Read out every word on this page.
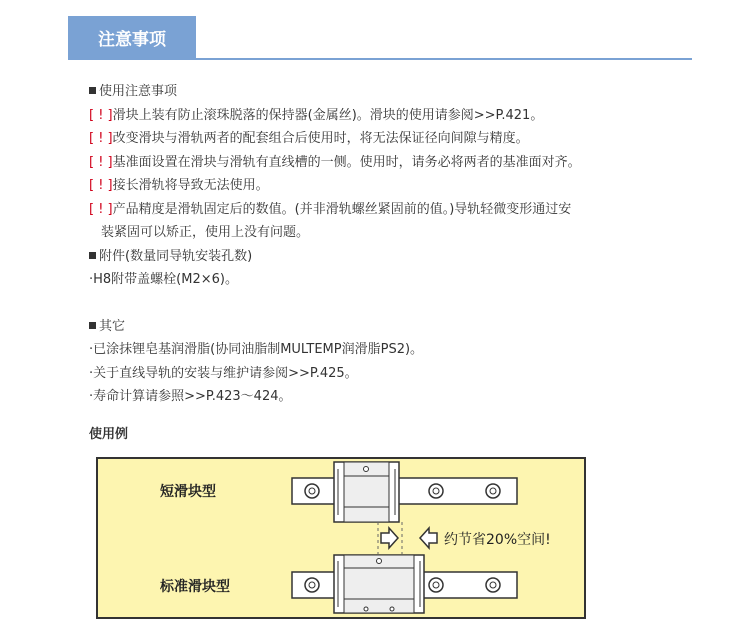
注意事项
使用注意事项
[ ! ]滑块上装有防止滚珠脱落的保持器(金属丝)。滑块的使用请参阅>>P.421。
[ ! ]改变滑块与滑轨两者的配套组合后使用时，将无法保证径向间隙与精度。
[ ! ]基准面设置在滑块与滑轨有直线槽的一侧。使用时，请务必将两者的基准面对齐。
[ ! ]接长滑轨将导致无法使用。
[ ! ]产品精度是滑轨固定后的数值。(并非滑轨螺丝紧固前的值。)导轨轻微变形通过安
装紧固可以矫正，使用上没有问题。
附件(数量同导轨安装孔数)
·H8附带盖螺栓(M2×6)。
其它
·已涂抹锂皂基润滑脂(协同油脂制MULTEMP润滑脂PS2)。
·关于直线导轨的安装与维护请参阅>>P.425。
·寿命计算请参照>>P.423～424。
使用例
短滑块型
约节省20%空间!
标准滑块型
